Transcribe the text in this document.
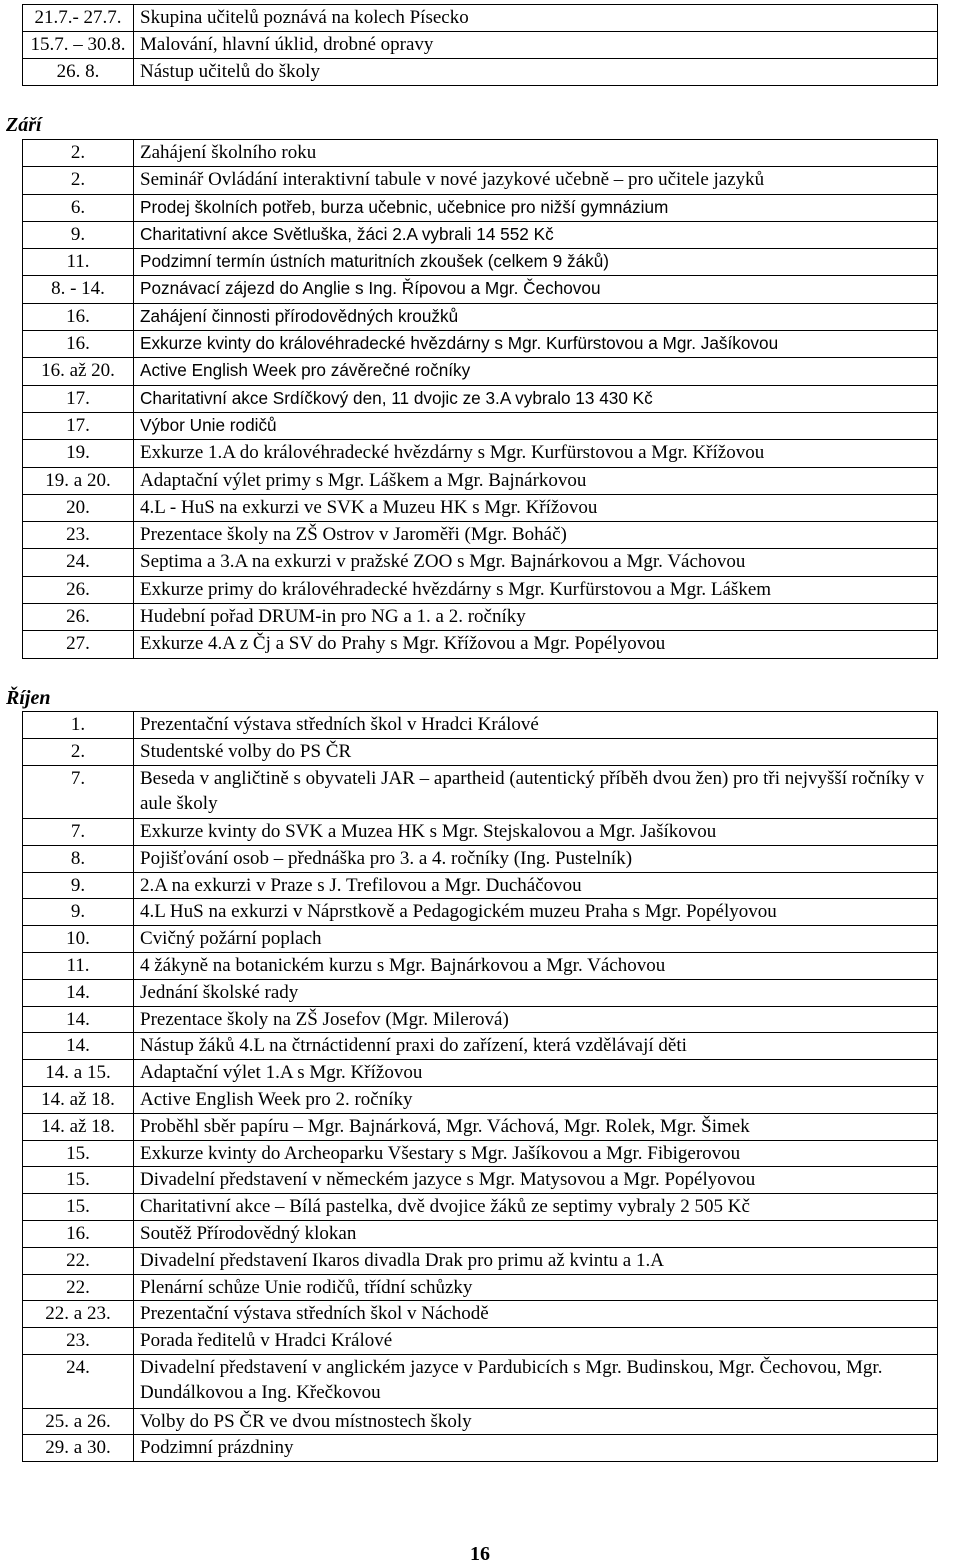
21.7.- 27.7.	Skupina učitelů poznává na kolech Písecko
15.7. – 30.8.	Malování, hlavní úklid, drobné opravy
26. 8.	Nástup učitelů do školy
Září
2.	Zahájení školního roku
2.	Seminář Ovládání interaktivní tabule v nové jazykové učebně – pro učitele jazyků
6.	Prodej školních potřeb, burza učebnic, učebnice pro nižší gymnázium
9.	Charitativní akce Světluška, žáci 2.A vybrali 14 552 Kč
11.	Podzimní termín ústních maturitních zkoušek (celkem 9 žáků)
8. - 14.	Poznávací zájezd do Anglie s Ing. Řípovou a Mgr. Čechovou
16.	Zahájení činnosti přírodovědných kroužků
16.	Exkurze kvinty do královéhradecké hvězdárny s Mgr. Kurfürstovou a Mgr. Jašíkovou
16. až 20.	Active English Week pro závěrečné ročníky
17.	Charitativní akce Srdíčkový den, 11 dvojic ze 3.A vybralo 13 430 Kč
17.	Výbor Unie rodičů
19.	Exkurze 1.A do královéhradecké hvězdárny s Mgr. Kurfürstovou a Mgr. Křížovou
19. a 20.	Adaptační výlet primy s Mgr. Láškem a Mgr. Bajnárkovou
20.	4.L - HuS na exkurzi ve SVK a Muzeu HK s Mgr. Křížovou
23.	Prezentace školy na ZŠ Ostrov v Jaroměři (Mgr. Boháč)
24.	Septima a 3.A na exkurzi v pražské ZOO s Mgr. Bajnárkovou a Mgr. Váchovou
26.	Exkurze primy do královéhradecké hvězdárny s Mgr. Kurfürstovou a Mgr. Láškem
26.	Hudební pořad DRUM-in pro NG a 1. a 2. ročníky
27.	Exkurze 4.A z Čj a SV do Prahy s Mgr. Křížovou a Mgr. Popélyovou
Říjen
1.	Prezentační výstava středních škol v Hradci Králové
2.	Studentské volby do PS ČR
7.	Beseda v angličtině s obyvateli JAR – apartheid (autentický příběh dvou žen) pro tři nejvyšší ročníky v aule školy
7.	Exkurze kvinty do SVK a Muzea HK s Mgr. Stejskalovou a Mgr. Jašíkovou
8.	Pojišťování osob – přednáška pro 3. a 4. ročníky (Ing. Pustelník)
9.	2.A na exkurzi v Praze s J. Trefilovou a Mgr. Ducháčovou
9.	4.L HuS na exkurzi v Náprstkově a Pedagogickém muzeu Praha s Mgr. Popélyovou
10.	Cvičný požární poplach
11.	4 žákyně na botanickém kurzu s Mgr. Bajnárkovou a Mgr. Váchovou
14.	Jednání školské rady
14.	Prezentace školy na ZŠ Josefov (Mgr. Milerová)
14.	Nástup žáků 4.L na čtrnáctidenní praxi do zařízení, která vzdělávají děti
14. a 15.	Adaptační výlet 1.A s Mgr. Křížovou
14. až 18.	Active English Week pro 2. ročníky
14. až 18.	Proběhl sběr papíru – Mgr. Bajnárková, Mgr. Váchová, Mgr. Rolek, Mgr. Šimek
15.	Exkurze kvinty do Archeoparku Všestary s Mgr. Jašíkovou a Mgr. Fibigerovou
15.	Divadelní představení v německém jazyce s Mgr. Matysovou a Mgr. Popélyovou
15.	Charitativní akce – Bílá pastelka, dvě dvojice žáků ze septimy vybraly 2 505 Kč
16.	Soutěž Přírodovědný klokan
22.	Divadelní představení Ikaros divadla Drak pro primu až kvintu a 1.A
22.	Plenární schůze Unie rodičů, třídní schůzky
22. a 23.	Prezentační výstava středních škol v Náchodě
23.	Porada ředitelů v Hradci Králové
24.	Divadelní představení v anglickém jazyce v Pardubicích s Mgr. Budinskou, Mgr. Čechovou, Mgr. Dundálkovou a Ing. Křečkovou
25. a 26.	Volby do PS ČR ve dvou místnostech školy
29. a 30.	Podzimní prázdniny
16
